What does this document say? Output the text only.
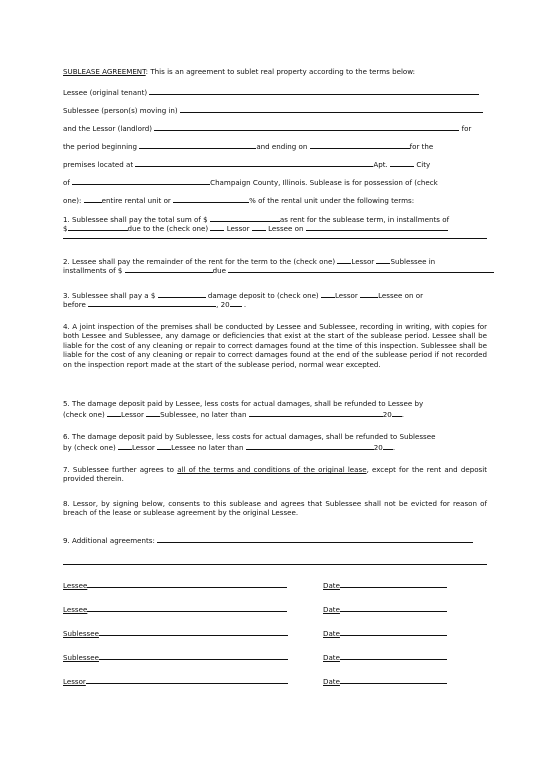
SUBLEASE AGREEMENT: This is an agreement to sublet real property according to the terms below:
Lessee (original tenant)
Sublessee (person(s) moving in)
and the Lessor (landlord)	for
the period beginning	and ending on	for the
premises located at	Apt.	City
of	Champaign County, Illinois. Sublease is for possession of (check
one):	entire rental unit or	% of the rental unit under the following terms:
1. Sublessee shall pay the total sum of $	as rent for the sublease term, in installments of
$	due to the (check one)	Lessor	Lessee on
2. Lessee shall pay the remainder of the rent for the term to the (check one) Lessor Sublessee in
installments of $	due
3. Sublessee shall pay a $	damage deposit to (check one) Lessor	Lessee on or
before	, 20 .
4. A joint inspection of the premises shall be conducted by Lessee and Sublessee, recording in writing, with copies for both Lessee and Sublessee, any damage or deficiencies that exist at the start of the sublease period. Lessee shall be liable for the cost of any cleaning or repair to correct damages found at the time of this inspection. Sublessee shall be liable for the cost of any cleaning or repair to correct damages found at the end of the sublease period if not recorded on the inspection report made at the start of the sublease period, normal wear excepted.
5. The damage deposit paid by Lessee, less costs for actual damages, shall be refunded to Lessee by
(check one) Lessor Sublessee, no later than	20 .
6. The damage deposit paid by Sublessee, less costs for actual damages, shall be refunded to Sublessee
by (check one) Lessor Lessee no later than	20 .
7. Sublessee further agrees to all of the terms and conditions of the original lease, except for the rent and deposit provided therein.
8. Lessor, by signing below, consents to this sublease and agrees that Sublessee shall not be evicted for reason of breach of the lease or sublease agreement by the original Lessee.
9. Additional agreements:
Lessee	Date
Lessee	Date
Sublessee	Date
Sublessee	Date
Lessor	Date
